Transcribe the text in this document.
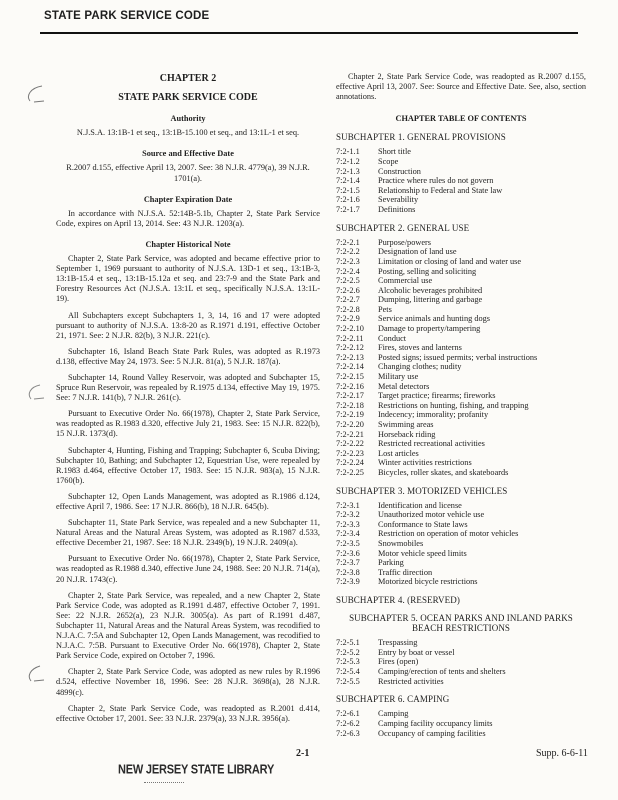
STATE PARK SERVICE CODE
CHAPTER 2
STATE PARK SERVICE CODE
Authority
N.J.S.A. 13:1B-1 et seq., 13:1B-15.100 et seq., and 13:1L-1 et seq.
Source and Effective Date
R.2007 d.155, effective April 13, 2007. See: 38 N.J.R. 4779(a), 39 N.J.R. 1701(a).
Chapter Expiration Date

In accordance with N.J.S.A. 52:14B-5.1b, Chapter 2, State Park Service Code, expires on April 13, 2014. See: 43 N.J.R. 1203(a).

Chapter Historical Note

Chapter 2, State Park Service, was adopted and became effective prior to September 1, 1969 pursuant to authority of N.J.S.A. 13D-1 et seq., 13:1B-3, 13:1B-15.4 et seq., 13:1B-15.12a et seq. and 23:7-9 and the State Park and Forestry Resources Act (N.J.S.A. 13:1L et seq., specifically N.J.S.A. 13:1L-19).

All Subchapters except Subchapters 1, 3, 14, 16 and 17 were adopted pursuant to authority of N.J.S.A. 13:8-20 as R.1971 d.191, effective October 21, 1971. See: 2 N.J.R. 82(b), 3 N.J.R. 221(c).

Subchapter 16, Island Beach State Park Rules, was adopted as R.1973 d.138, effective May 24, 1973. See: 5 N.J.R. 81(a), 5 N.J.R. 187(a).

Subchapter 14, Round Valley Reservoir, was adopted and Subchapter 15, Spruce Run Reservoir, was repealed by R.1975 d.134, effective May 19, 1975. See: 7 N.J.R. 141(b), 7 N.J.R. 261(c).

Pursuant to Executive Order No. 66(1978), Chapter 2, State Park Service, was readopted as R.1983 d.320, effective July 21, 1983. See: 15 N.J.R. 822(b), 15 N.J.R. 1373(d).

Subchapter 4, Hunting, Fishing and Trapping; Subchapter 6, Scuba Diving; Subchapter 10, Bathing; and Subchapter 12, Equestrian Use, were repealed by R.1983 d.464, effective October 17, 1983. See: 15 N.J.R. 983(a), 15 N.J.R. 1760(b).

Subchapter 12, Open Lands Management, was adopted as R.1986 d.124, effective April 7, 1986. See: 17 N.J.R. 866(b), 18 N.J.R. 645(b).

Subchapter 11, State Park Service, was repealed and a new Subchapter 11, Natural Areas and the Natural Areas System, was adopted as R.1987 d.533, effective December 21, 1987. See: 18 N.J.R. 2349(b), 19 N.J.R. 2409(a).

Pursuant to Executive Order No. 66(1978), Chapter 2, State Park Service, was readopted as R.1988 d.340, effective June 24, 1988. See: 20 N.J.R. 714(a), 20 N.J.R. 1743(c).

Chapter 2, State Park Service, was repealed, and a new Chapter 2, State Park Service Code, was adopted as R.1991 d.487, effective October 7, 1991. See: 22 N.J.R. 2652(a), 23 N.J.R. 3005(a). As part of R.1991 d.487, Subchapter 11, Natural Areas and the Natural Areas System, was recodified to N.J.A.C. 7:5A and Subchapter 12, Open Lands Management, was recodified to N.J.A.C. 7:5B. Pursuant to Executive Order No. 66(1978), Chapter 2, State Park Service Code, expired on October 7, 1996.

Chapter 2, State Park Service Code, was adopted as new rules by R.1996 d.524, effective November 18, 1996. See: 28 N.J.R. 3698(a), 28 N.J.R. 4899(c).

Chapter 2, State Park Service Code, was readopted as R.2001 d.414, effective October 17, 2001. See: 33 N.J.R. 2379(a), 33 N.J.R. 3956(a).

Chapter 2, State Park Service Code, was readopted as R.2007 d.155, effective April 13, 2007. See: Source and Effective Date. See, also, section annotations.

CHAPTER TABLE OF CONTENTS
SUBCHAPTER 1. GENERAL PROVISIONS
7:2-1.1	Short title
7:2-1.2	Scope
7:2-1.3	Construction
7:2-1.4	Practice where rules do not govern
7:2-1.5	Relationship to Federal and State law
7:2-1.6	Severability
7:2-1.7	Definitions
SUBCHAPTER 2. GENERAL USE
7:2-2.1	Purpose/powers
7:2-2.2	Designation of land use
7:2-2.3	Limitation or closing of land and water use
7:2-2.4	Posting, selling and soliciting
7:2-2.5	Commercial use
7:2-2.6	Alcoholic beverages prohibited
7:2-2.7	Dumping, littering and garbage
7:2-2.8	Pets
7:2-2.9	Service animals and hunting dogs
7:2-2.10	Damage to property/tampering
7:2-2.11	Conduct
7:2-2.12	Fires, stoves and lanterns
7:2-2.13	Posted signs; issued permits; verbal instructions
7:2-2.14	Changing clothes; nudity
7:2-2.15	Military use
7:2-2.16	Metal detectors
7:2-2.17	Target practice; firearms; fireworks
7:2-2.18	Restrictions on hunting, fishing, and trapping
7:2-2.19	Indecency; immorality; profanity
7:2-2.20	Swimming areas
7:2-2.21	Horseback riding
7:2-2.22	Restricted recreational activities
7:2-2.23	Lost articles
7:2-2.24	Winter activities restrictions
7:2-2.25	Bicycles, roller skates, and skateboards
SUBCHAPTER 3. MOTORIZED VEHICLES
7:2-3.1	Identification and license
7:2-3.2	Unauthorized motor vehicle use
7:2-3.3	Conformance to State laws
7:2-3.4	Restriction on operation of motor vehicles
7:2-3.5	Snowmobiles
7:2-3.6	Motor vehicle speed limits
7:2-3.7	Parking
7:2-3.8	Traffic direction
7:2-3.9	Motorized bicycle restrictions
SUBCHAPTER 4. (RESERVED)
SUBCHAPTER 5. OCEAN PARKS AND INLAND PARKS BEACH RESTRICTIONS
7:2-5.1	Trespassing
7:2-5.2	Entry by boat or vessel
7:2-5.3	Fires (open)
7:2-5.4	Camping/erection of tents and shelters
7:2-5.5	Restricted activities
SUBCHAPTER 6. CAMPING
7:2-6.1	Camping
7:2-6.2	Camping facility occupancy limits
7:2-6.3	Occupancy of camping facilities
2-1	Supp. 6-6-11
NEW JERSEY STATE LIBRARY
